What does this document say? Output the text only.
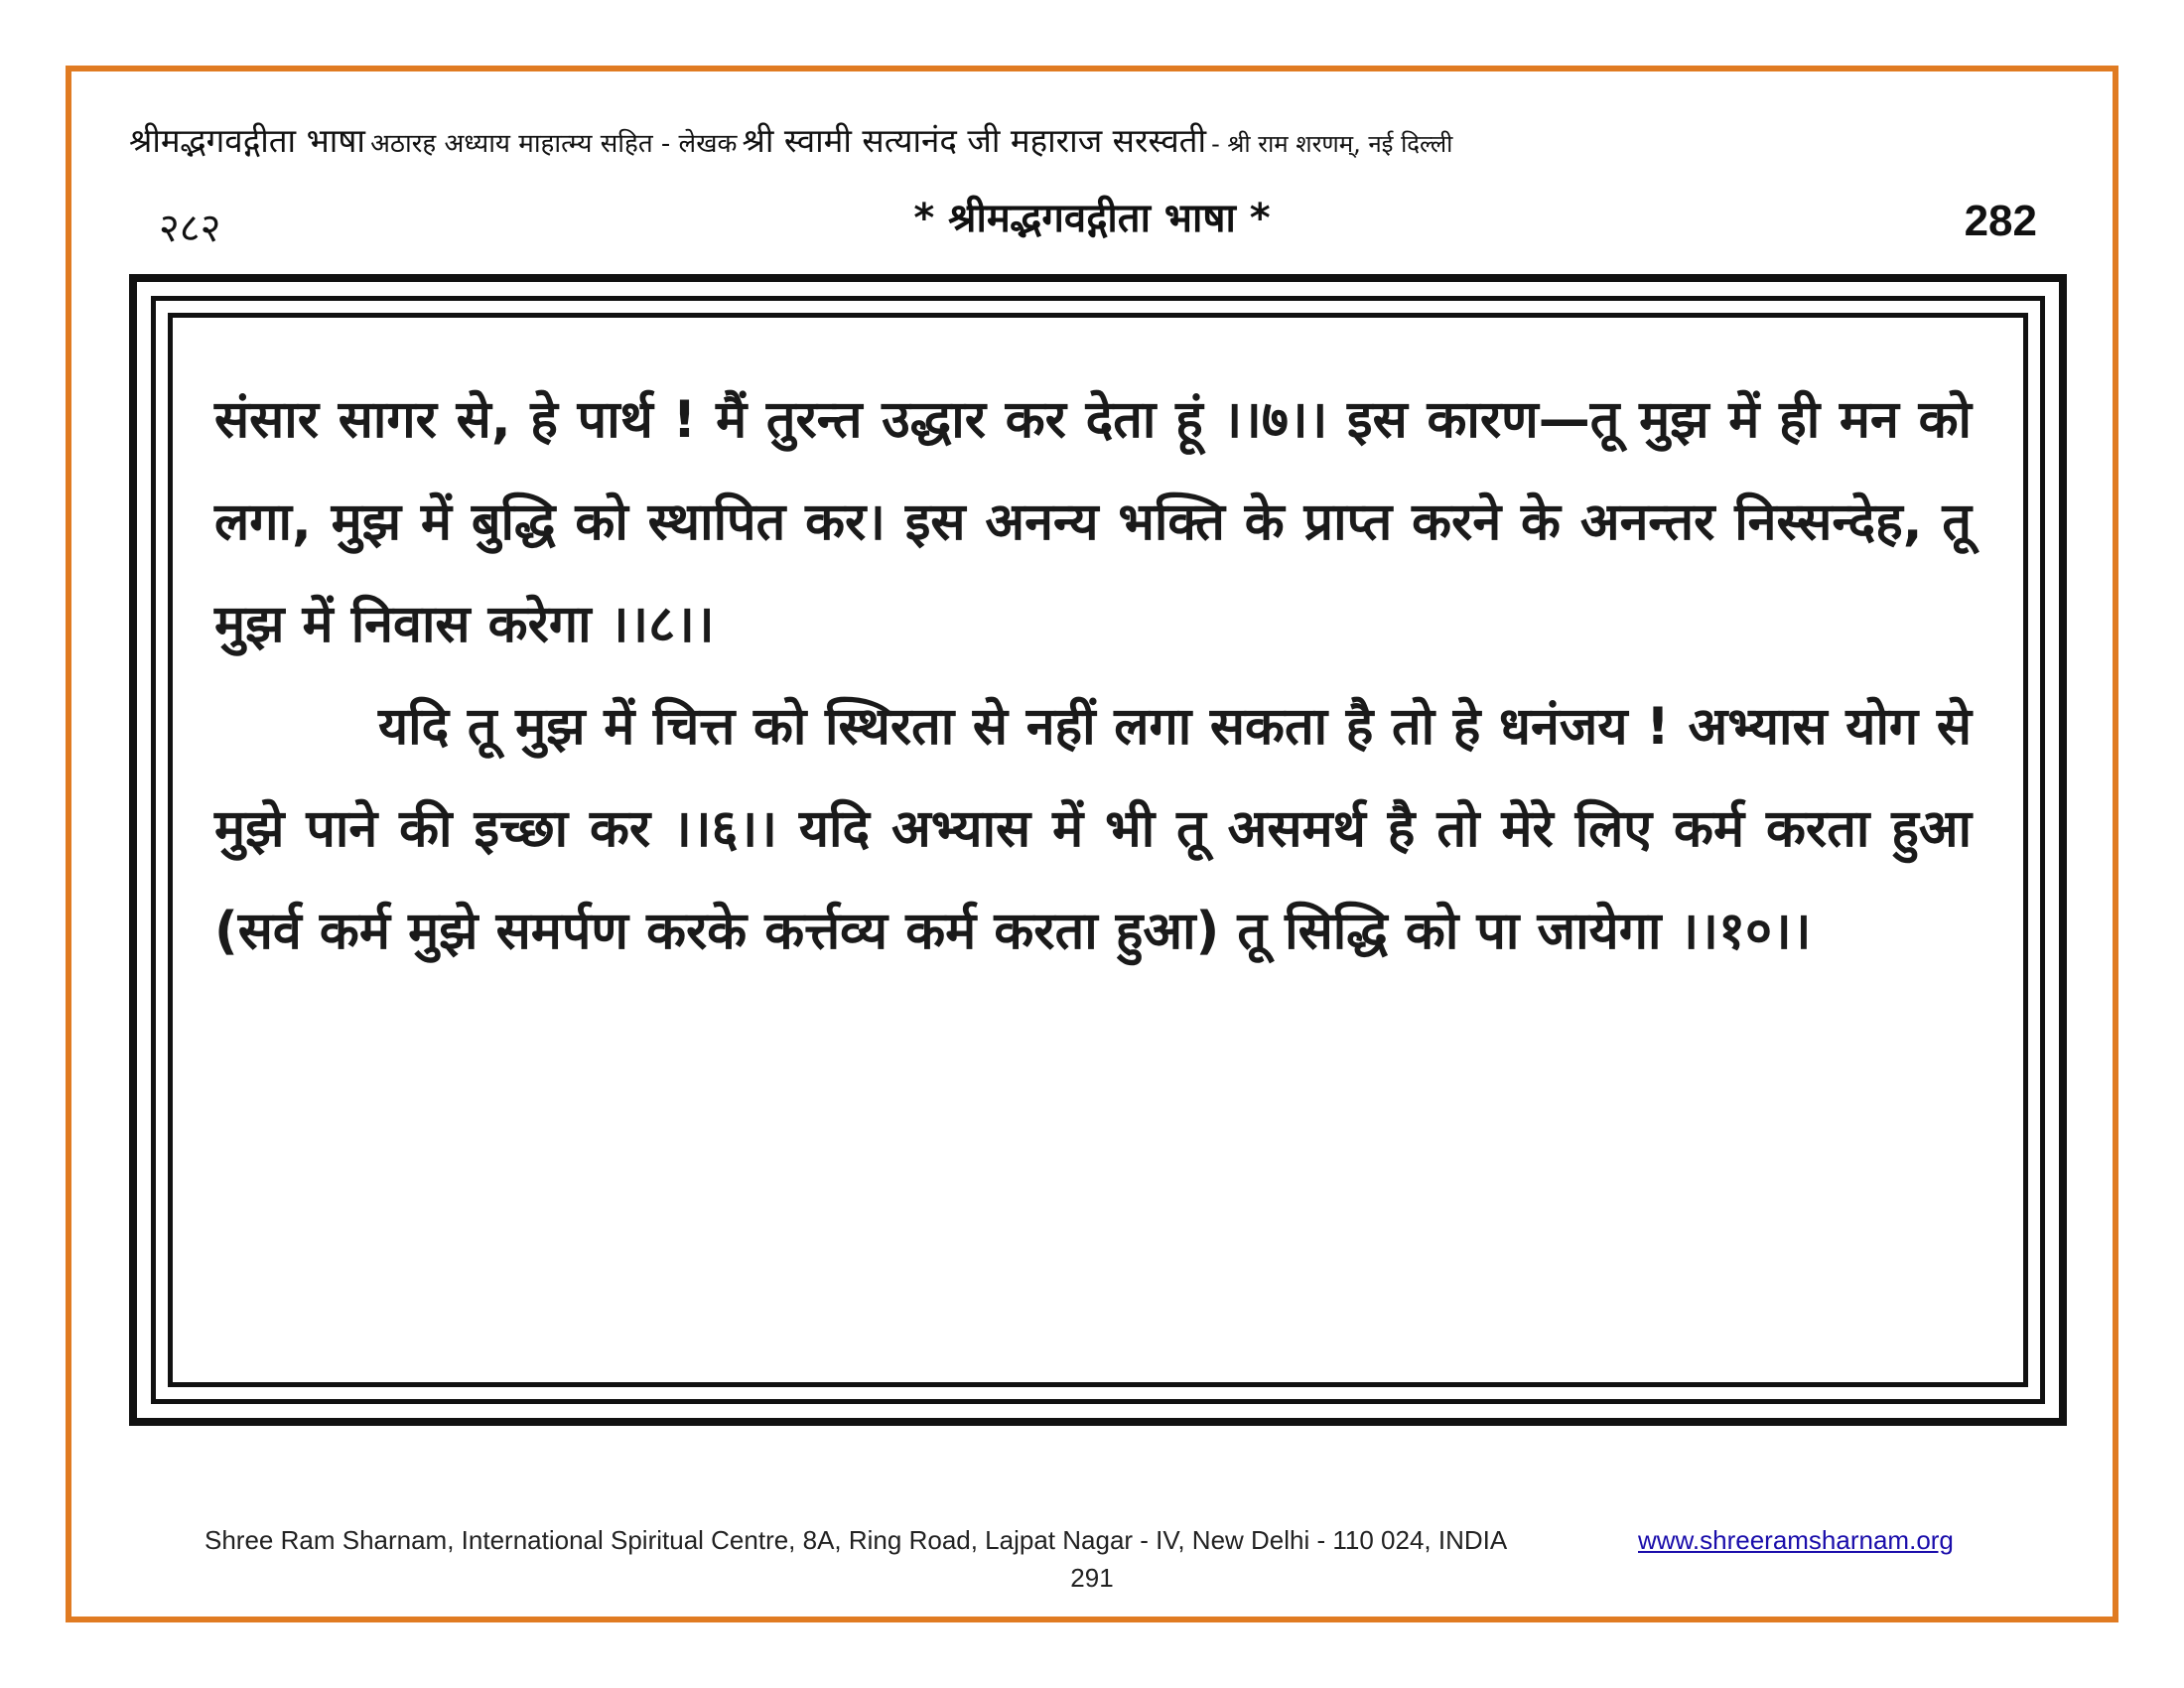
श्रीमद्भगवद्गीता भाषा अठारह अध्याय माहात्म्य सहित - लेखक श्री स्वामी सत्यानंद जी महाराज सरस्वती - श्री राम शरणम्, नई दिल्ली
२८२	* श्रीमद्भगवद्गीता भाषा *	282

संसार सागर से, हे पार्थ ! मैं तुरन्त उद्धार कर देता हूं ।।७।। इस कारण—तू मुझ में ही मन को लगा, मुझ में बुद्धि को स्थापित कर। इस अनन्य भक्ति के प्राप्त करने के अनन्तर निस्सन्देह, तू मुझ में निवास करेगा ।।८।।

यदि तू मुझ में चित्त को स्थिरता से नहीं लगा सकता है तो हे धनंजय ! अभ्यास योग से मुझे पाने की इच्छा कर ।।६।। यदि अभ्यास में भी तू असमर्थ है तो मेरे लिए कर्म करता हुआ (सर्व कर्म मुझे समर्पण करके कर्त्तव्य कर्म करता हुआ) तू सिद्धि को पा जायेगा ।।१०।।

Shree Ram Sharnam, International Spiritual Centre, 8A, Ring Road, Lajpat Nagar - IV, New Delhi - 110 024, INDIA	www.shreeramsharnam.org
291
